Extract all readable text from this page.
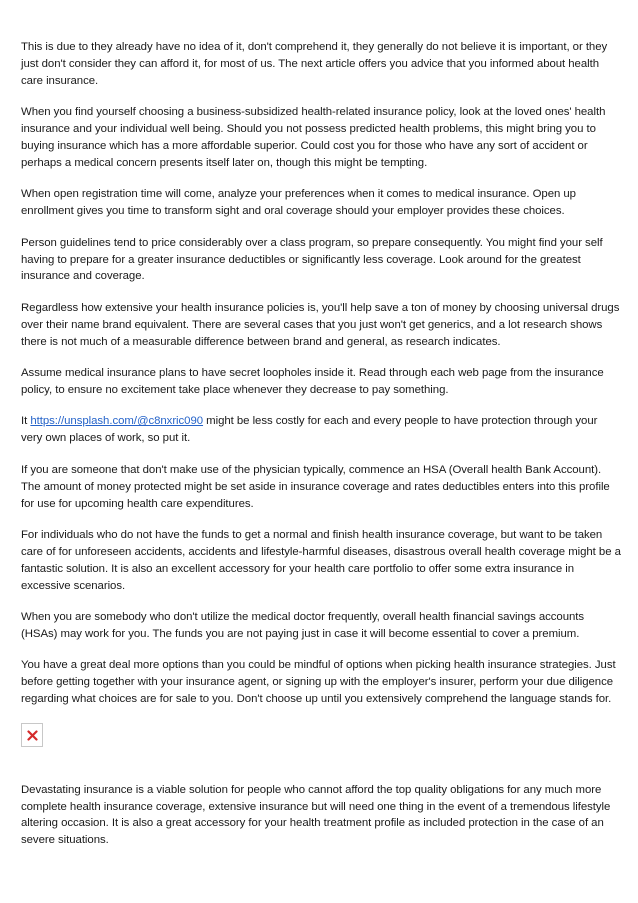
This is due to they already have no idea of it, don't comprehend it, they generally do not believe it is important, or they just don't consider they can afford it, for most of us. The next article offers you advice that you informed about health care insurance.

When you find yourself choosing a business-subsidized health-related insurance policy, look at the loved ones' health insurance and your individual well being. Should you not possess predicted health problems, this might bring you to buying insurance which has a more affordable superior. Could cost you for those who have any sort of accident or perhaps a medical concern presents itself later on, though this might be tempting.

When open registration time will come, analyze your preferences when it comes to medical insurance. Open up enrollment gives you time to transform sight and oral coverage should your employer provides these choices.

Person guidelines tend to price considerably over a class program, so prepare consequently. You might find your self having to prepare for a greater insurance deductibles or significantly less coverage. Look around for the greatest insurance and coverage.

Regardless how extensive your health insurance policies is, you'll help save a ton of money by choosing universal drugs over their name brand equivalent. There are several cases that you just won't get generics, and a lot research shows there is not much of a measurable difference between brand and general, as research indicates.

Assume medical insurance plans to have secret loopholes inside it. Read through each web page from the insurance policy, to ensure no excitement take place whenever they decrease to pay something.

It https://unsplash.com/@c8nxric090 might be less costly for each and every people to have protection through your very own places of work, so put it.

If you are someone that don't make use of the physician typically, commence an HSA (Overall health Bank Account). The amount of money protected might be set aside in insurance coverage and rates deductibles enters into this profile for use for upcoming health care expenditures.

For individuals who do not have the funds to get a normal and finish health insurance coverage, but want to be taken care of for unforeseen accidents, accidents and lifestyle-harmful diseases, disastrous overall health coverage might be a fantastic solution. It is also an excellent accessory for your health care portfolio to offer some extra insurance in excessive scenarios.

When you are somebody who don't utilize the medical doctor frequently, overall health financial savings accounts (HSAs) may work for you. The funds you are not paying just in case it will become essential to cover a premium.

You have a great deal more options than you could be mindful of options when picking health insurance strategies. Just before getting together with your insurance agent, or signing up with the employer's insurer, perform your due diligence regarding what choices are for sale to you. Don't choose up until you extensively comprehend the language stands for.

Devastating insurance is a viable solution for people who cannot afford the top quality obligations for any much more complete health insurance coverage, extensive insurance but will need one thing in the event of a tremendous lifestyle altering occasion. It is also a great accessory for your health treatment profile as included protection in the case of an severe situations.
